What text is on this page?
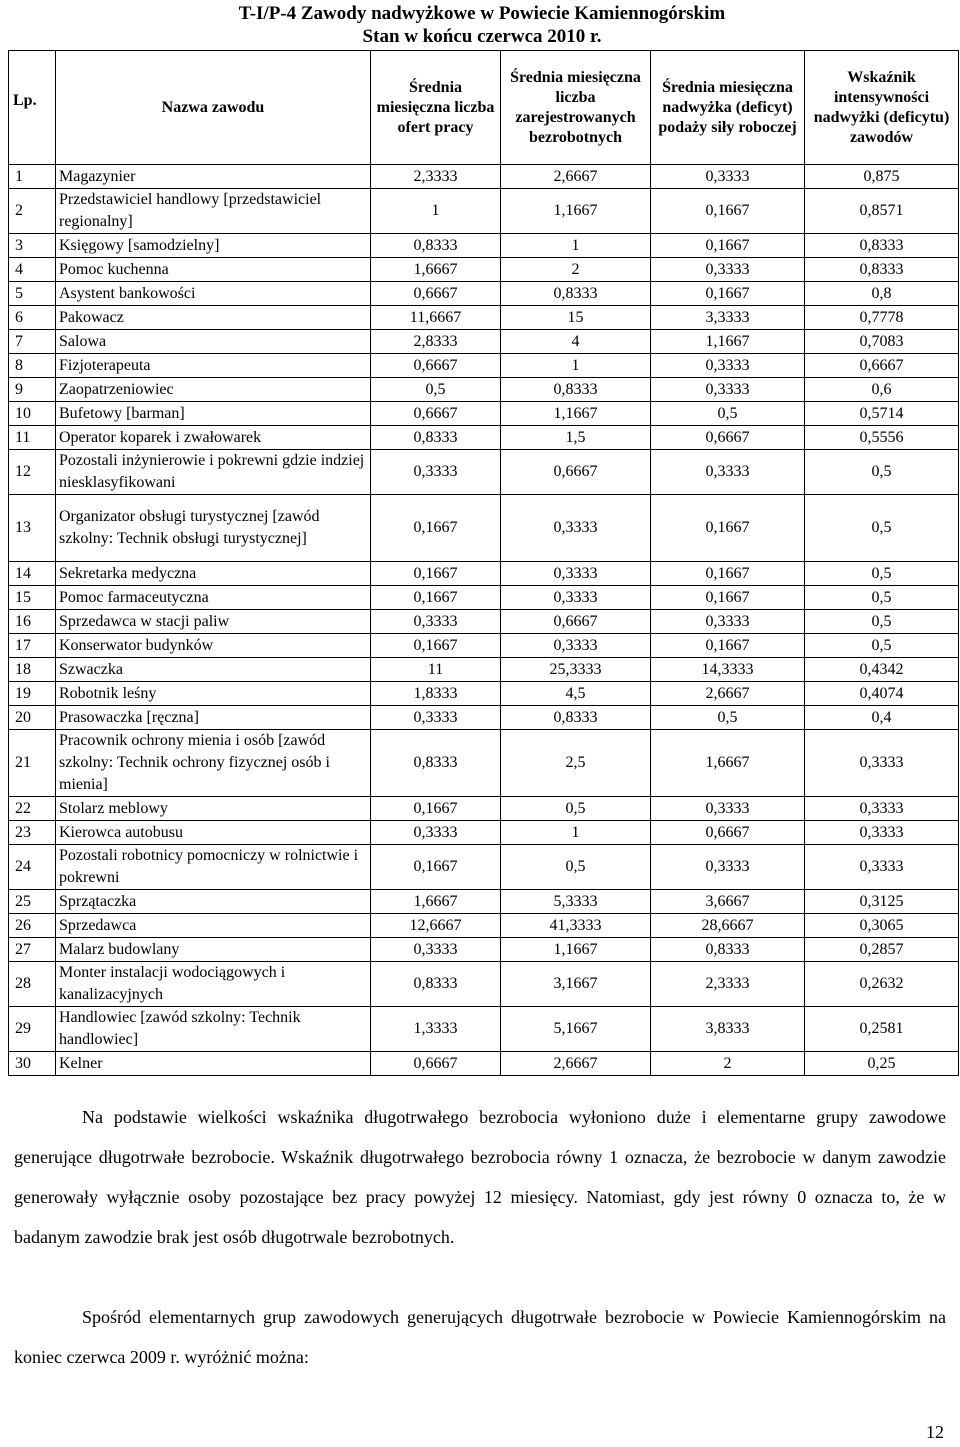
T-I/P-4 Zawody nadwyżkowe w Powiecie Kamiennogórskim
Stan w końcu czerwca 2010 r.
Lp.	Nazwa zawodu	Średnia miesięczna liczba ofert pracy	Średnia miesięczna liczba zarejestrowanych bezrobotnych	Średnia miesięczna nadwyżka (deficyt) podaży siły roboczej	Wskaźnik intensywności nadwyżki (deficytu) zawodów
1	Magazynier	2,3333	2,6667	0,3333	0,875
2	Przedstawiciel handlowy [przedstawiciel regionalny]	1	1,1667	0,1667	0,8571
3	Księgowy [samodzielny]	0,8333	1	0,1667	0,8333
4	Pomoc kuchenna	1,6667	2	0,3333	0,8333
5	Asystent bankowości	0,6667	0,8333	0,1667	0,8
6	Pakowacz	11,6667	15	3,3333	0,7778
7	Salowa	2,8333	4	1,1667	0,7083
8	Fizjoterapeuta	0,6667	1	0,3333	0,6667
9	Zaopatrzeniowiec	0,5	0,8333	0,3333	0,6
10	Bufetowy [barman]	0,6667	1,1667	0,5	0,5714
11	Operator koparek i zwałowarek	0,8333	1,5	0,6667	0,5556
12	Pozostali inżynierowie i pokrewni gdzie indziej niesklasyfikowani	0,3333	0,6667	0,3333	0,5
13	Organizator obsługi turystycznej [zawód szkolny: Technik obsługi turystycznej]	0,1667	0,3333	0,1667	0,5
14	Sekretarka medyczna	0,1667	0,3333	0,1667	0,5
15	Pomoc farmaceutyczna	0,1667	0,3333	0,1667	0,5
16	Sprzedawca w stacji paliw	0,3333	0,6667	0,3333	0,5
17	Konserwator budynków	0,1667	0,3333	0,1667	0,5
18	Szwaczka	11	25,3333	14,3333	0,4342
19	Robotnik leśny	1,8333	4,5	2,6667	0,4074
20	Prasowaczka [ręczna]	0,3333	0,8333	0,5	0,4
21	Pracownik ochrony mienia i osób [zawód szkolny: Technik ochrony fizycznej osób i mienia]	0,8333	2,5	1,6667	0,3333
22	Stolarz meblowy	0,1667	0,5	0,3333	0,3333
23	Kierowca autobusu	0,3333	1	0,6667	0,3333
24	Pozostali robotnicy pomocniczy w rolnictwie i pokrewni	0,1667	0,5	0,3333	0,3333
25	Sprzątaczka	1,6667	5,3333	3,6667	0,3125
26	Sprzedawca	12,6667	41,3333	28,6667	0,3065
27	Malarz budowlany	0,3333	1,1667	0,8333	0,2857
28	Monter instalacji wodociągowych i kanalizacyjnych	0,8333	3,1667	2,3333	0,2632
29	Handlowiec [zawód szkolny: Technik handlowiec]	1,3333	5,1667	3,8333	0,2581
30	Kelner	0,6667	2,6667	2	0,25

Na podstawie wielkości wskaźnika długotrwałego bezrobocia wyłoniono duże i elementarne grupy zawodowe generujące długotrwałe bezrobocie. Wskaźnik długotrwałego bezrobocia równy 1 oznacza, że bezrobocie w danym zawodzie generowały wyłącznie osoby pozostające bez pracy powyżej 12 miesięcy. Natomiast, gdy jest równy 0 oznacza to, że w badanym zawodzie brak jest osób długotrwale bezrobotnych.

Spośród elementarnych grup zawodowych generujących długotrwałe bezrobocie w Powiecie Kamiennogórskim na koniec czerwca 2009 r. wyróżnić można:

12
